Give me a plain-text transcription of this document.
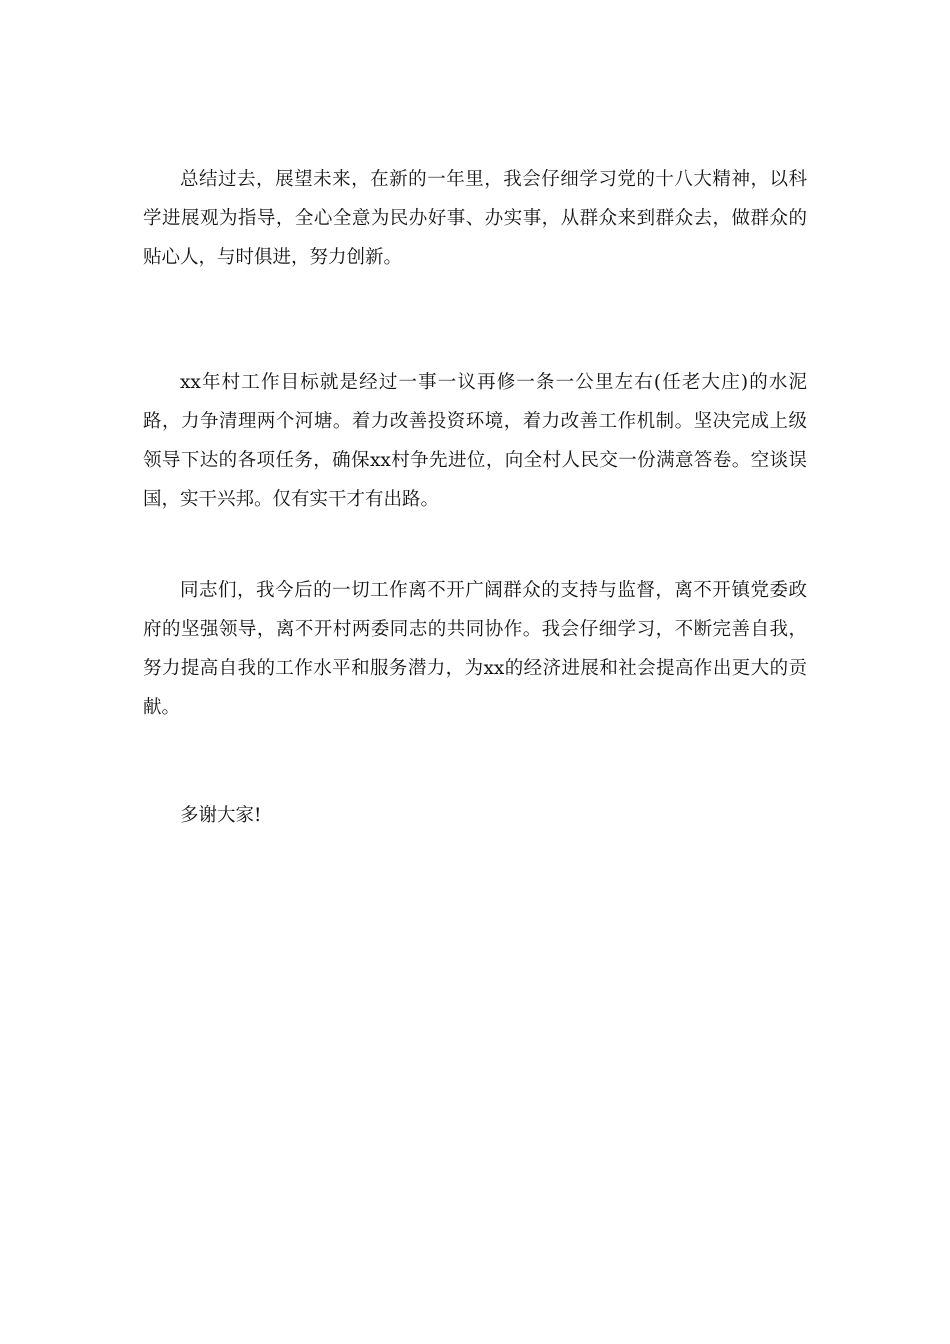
总结过去，展望未来，在新的一年里，我会仔细学习党的十八大精神，以科学进展观为指导，全心全意为民办好事、办实事，从群众来到群众去，做群众的贴心人，与时俱进，努力创新。

xx年村工作目标就是经过一事一议再修一条一公里左右(任老大庄)的水泥路，力争清理两个河塘。着力改善投资环境，着力改善工作机制。坚决完成上级领导下达的各项任务，确保xx村争先进位，向全村人民交一份满意答卷。空谈误国，实干兴邦。仅有实干才有出路。

同志们，我今后的一切工作离不开广阔群众的支持与监督，离不开镇党委政府的坚强领导，离不开村两委同志的共同协作。我会仔细学习，不断完善自我，努力提高自我的工作水平和服务潜力，为xx的经济进展和社会提高作出更大的贡献。

多谢大家!
